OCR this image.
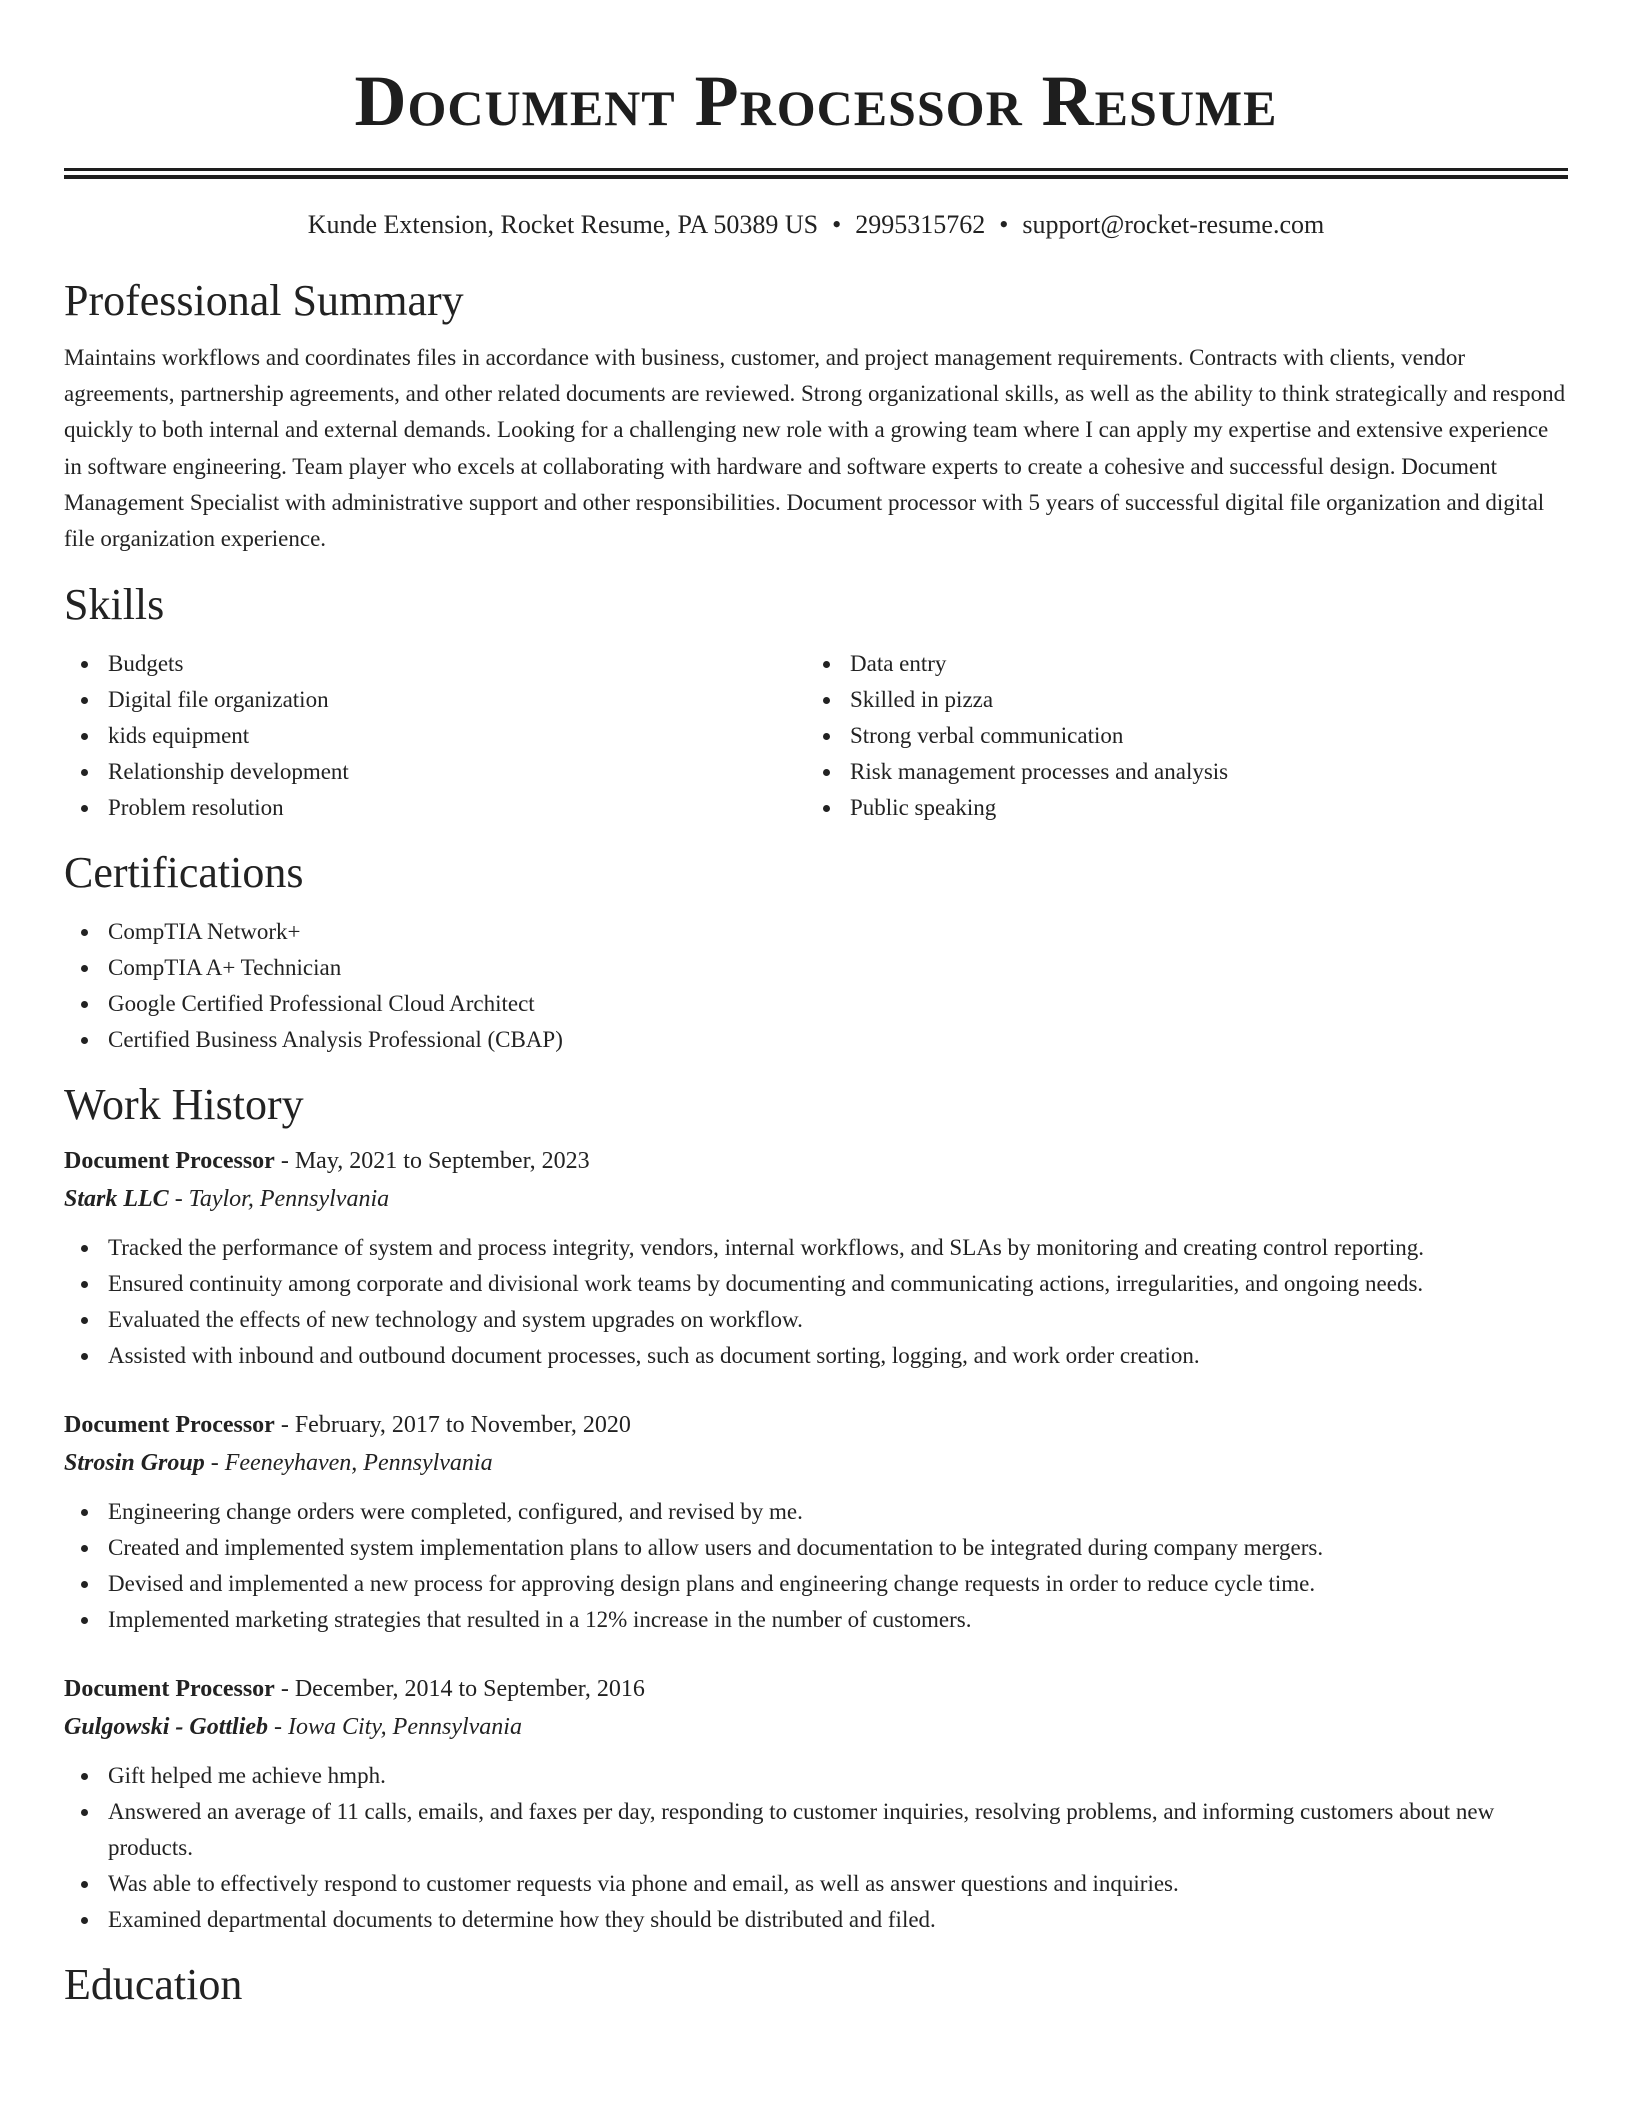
Document Processor Resume
Kunde Extension, Rocket Resume, PA 50389 US • 2995315762 • support@rocket-resume.com
Professional Summary

Maintains workflows and coordinates files in accordance with business, customer, and project management requirements. Contracts with clients, vendor agreements, partnership agreements, and other related documents are reviewed. Strong organizational skills, as well as the ability to think strategically and respond quickly to both internal and external demands. Looking for a challenging new role with a growing team where I can apply my expertise and extensive experience in software engineering. Team player who excels at collaborating with hardware and software experts to create a cohesive and successful design. Document Management Specialist with administrative support and other responsibilities. Document processor with 5 years of successful digital file organization and digital file organization experience.

Skills
Budgets
Digital file organization
kids equipment
Relationship development
Problem resolution
Data entry
Skilled in pizza
Strong verbal communication
Risk management processes and analysis
Public speaking
Certifications
CompTIA Network+
CompTIA A+ Technician
Google Certified Professional Cloud Architect
Certified Business Analysis Professional (CBAP)
Work History
Document Processor - May, 2021 to September, 2023
Stark LLC - Taylor, Pennsylvania
Tracked the performance of system and process integrity, vendors, internal workflows, and SLAs by monitoring and creating control reporting.
Ensured continuity among corporate and divisional work teams by documenting and communicating actions, irregularities, and ongoing needs.
Evaluated the effects of new technology and system upgrades on workflow.
Assisted with inbound and outbound document processes, such as document sorting, logging, and work order creation.
Document Processor - February, 2017 to November, 2020
Strosin Group - Feeneyhaven, Pennsylvania
Engineering change orders were completed, configured, and revised by me.
Created and implemented system implementation plans to allow users and documentation to be integrated during company mergers.
Devised and implemented a new process for approving design plans and engineering change requests in order to reduce cycle time.
Implemented marketing strategies that resulted in a 12% increase in the number of customers.
Document Processor - December, 2014 to September, 2016
Gulgowski - Gottlieb - Iowa City, Pennsylvania
Gift helped me achieve hmph.
Answered an average of 11 calls, emails, and faxes per day, responding to customer inquiries, resolving problems, and informing customers about new products.
Was able to effectively respond to customer requests via phone and email, as well as answer questions and inquiries.
Examined departmental documents to determine how they should be distributed and filed.
Education
